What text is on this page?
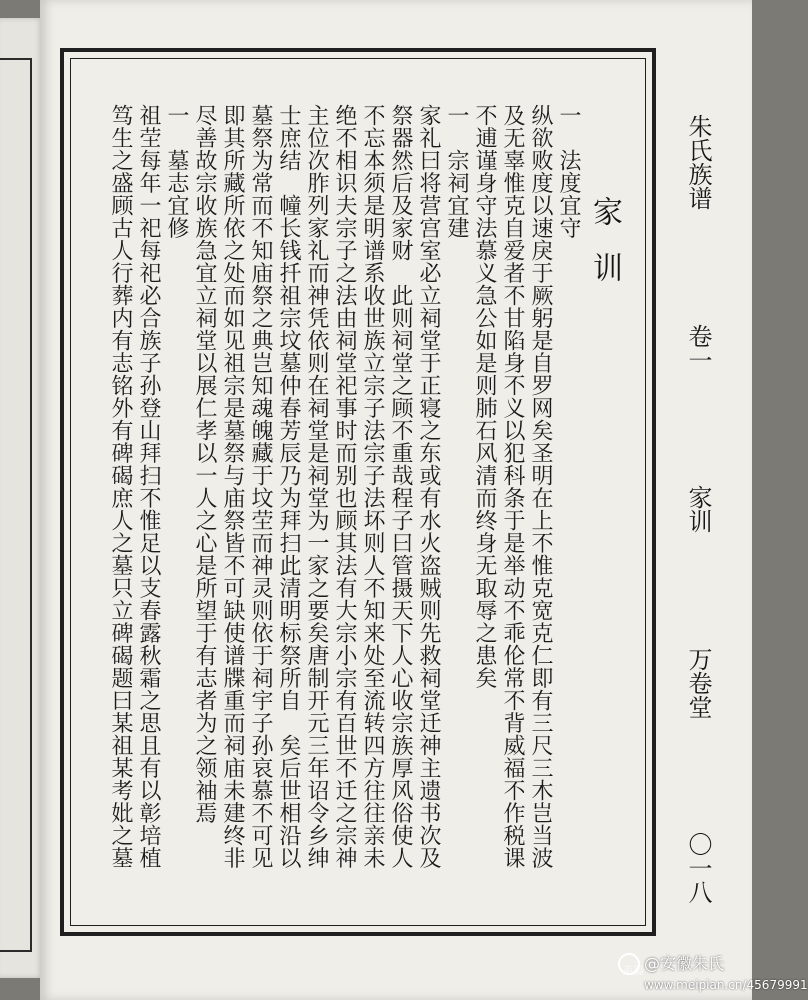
家训

一　法度宜守

纵欲败度以速戾于厥躬是自罗网矣圣明在上不惟克宽克仁即有三尺三木岂当波

及无辜惟克自爱者不甘陷身不义以犯科条于是举动不乖伦常不背威福不作税课

不逋谨身守法慕义急公如是则肺石风清而终身无取辱之患矣

一　宗祠宜建

家礼曰将营宫室必立祠堂于正寝之东或有水火盗贼则先救祠堂迁神主遗书次及

祭器然后及家财　此则祠堂之顾不重哉程子曰管摄天下人心收宗族厚风俗使人

不忘本须是明谱系收世族立宗子法宗子法坏则人不知来处至流转四方往往亲未

绝不相识夫宗子之法由祠堂祀事时而别也顾其法有大宗小宗有百世不迁之宗神

主位次胙列家礼而神凭依则在祠堂是祠堂为一家之要矣唐制开元三年诏令乡绅

士庶结　幢长钱扦祖宗坟墓仲春芳辰乃为拜扫此清明标祭所自　矣后世相沿以

墓祭为常而不知庙祭之典岂知魂魄藏于坟茔而神灵则依于祠宇子孙哀慕不可见

即其所藏所依之处而如见祖宗是墓祭与庙祭皆不可缺使谱牒重而祠庙未建终非

尽善故宗收族急宜立祠堂以展仁孝以一人之心是所望于有志者为之领袖焉

一　墓志宜修

祖茔每年一祀每祀必合族子孙登山拜扫不惟足以支春露秋霜之思且有以彰培植

笃生之盛顾古人行葬内有志铭外有碑碣庶人之墓只立碑碣题曰某祖某考妣之墓	朱氏族谱
卷一
家训
万卷堂
〇一八
美篇 @安徽朱氏
www.meipian.cn/45679991
